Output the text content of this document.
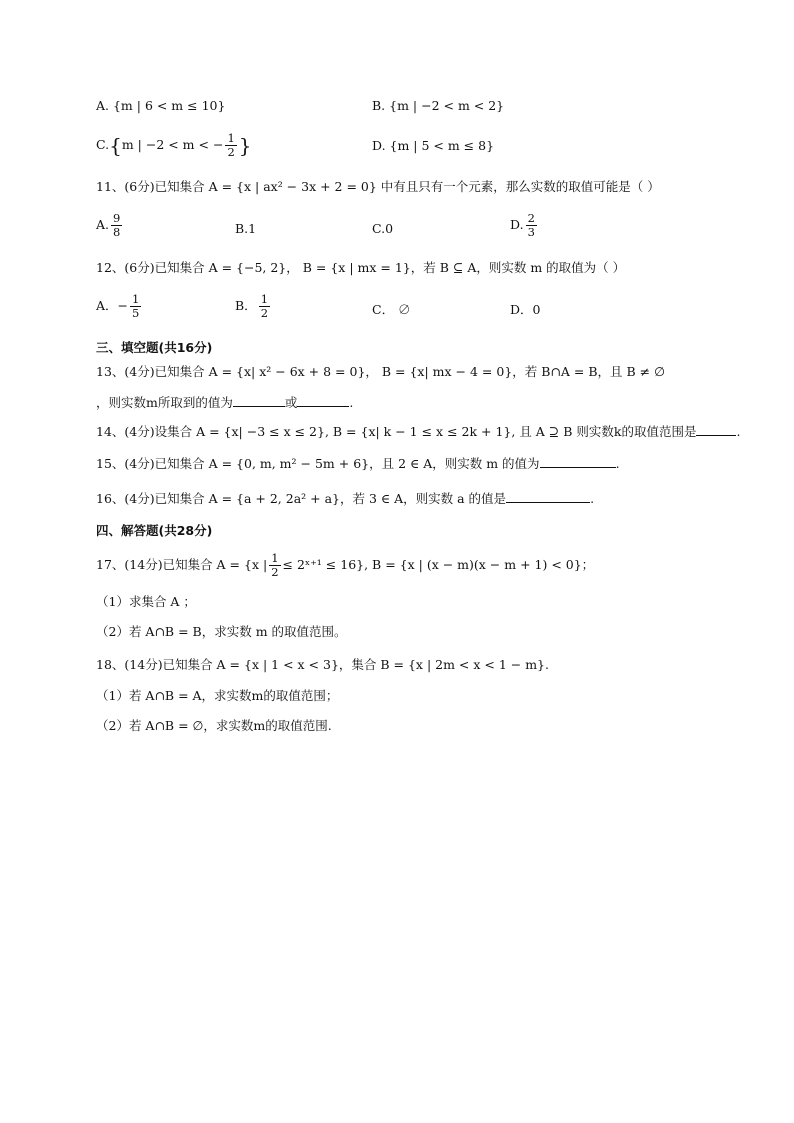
A. {m | 6 < m ≤ 10}	B. {m | −2 < m < 2}
C.{m | −2 < m < − $\frac{1}{2}$ }	D. {m | 5 < m ≤ 8}
11、(6分)已知集合 A = {x | ax² − 3x + 2 = 0} 中有且只有一个元素，那么实数的取值可能是（ ）
A. $\frac{9}{8}$	B.1	C.0	D. $\frac{2}{3}$
12、(6分)已知集合 A = {−5, 2}， B = {x | mx = 1}，若 B ⊆ A，则实数 m 的取值为（ ）
A．− $\frac{1}{5}$	B． $\frac{1}{2}$	C． ∅	D．0
三、填空题(共16分)
13、(4分)已知集合 A = {x| x² − 6x + 8 = 0}， B = {x| mx − 4 = 0}，若 B∩A = B，且 B ≠ ∅
，则实数m所取到的值为	或	.
14、(4分)设集合 A = {x| −3 ≤ x ≤ 2}, B = {x| k − 1 ≤ x ≤ 2k + 1}, 且 A ⊇ B 则实数k的取值范围是	.
15、(4分)已知集合 A = {0, m, m² − 5m + 6}，且 2 ∈ A，则实数 m 的值为	.
16、(4分)已知集合 A = {a + 2, 2a² + a}，若 3 ∈ A，则实数 a 的值是	.
四、解答题(共28分)
17、(14分)已知集合 A = {x | $\frac{1}{2}$ ≤ 2ˣ⁺¹ ≤ 16}, B = {x | (x − m)(x − m + 1) < 0}；
（1）求集合 A ；
（2）若 A∩B = B，求实数 m 的取值范围。
18、(14分)已知集合 A = {x | 1 < x < 3}，集合 B = {x | 2m < x < 1 − m}.
（1）若 A∩B = A，求实数m的取值范围；
（2）若 A∩B = ∅，求实数m的取值范围.
